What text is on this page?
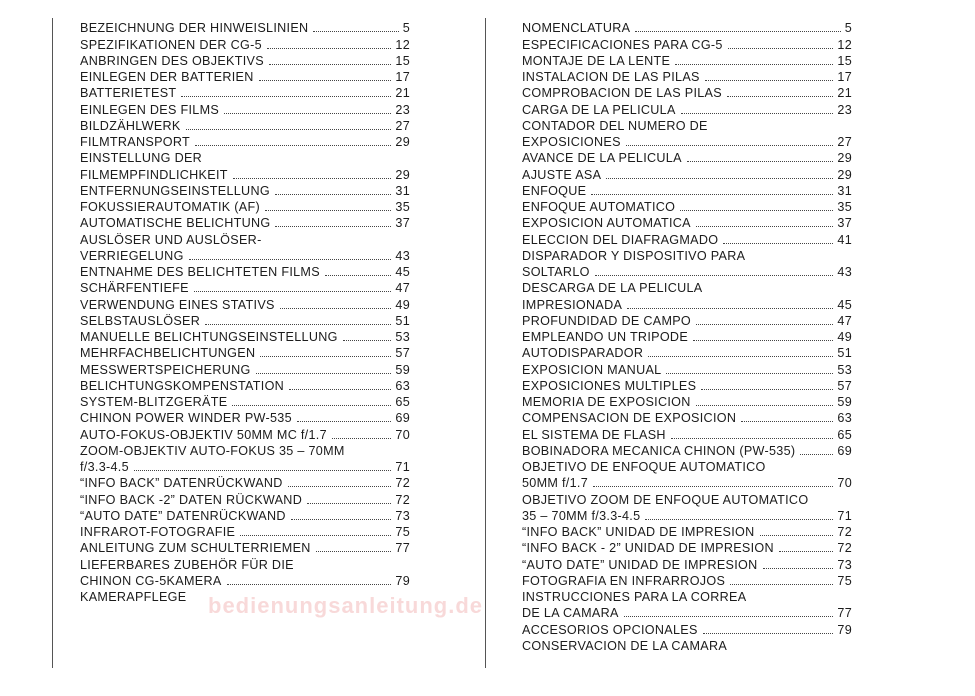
BEZEICHNUNG DER HINWEISLINIEN	5
SPEZIFIKATIONEN DER CG-5	12
ANBRINGEN DES OBJEKTIVS	15
EINLEGEN DER BATTERIEN	17
BATTERIETEST	21
EINLEGEN DES FILMS	23
BILDZÄHLWERK	27
FILMTRANSPORT	29
EINSTELLUNG DER
FILMEMPFINDLICHKEIT	29
ENTFERNUNGSEINSTELLUNG	31
FOKUSSIERAUTOMATIK (AF)	35
AUTOMATISCHE BELICHTUNG	37
AUSLÖSER UND AUSLÖSER-
VERRIEGELUNG	43
ENTNAHME DES BELICHTETEN FILMS	45
SCHÄRFENTIEFE	47
VERWENDUNG EINES STATIVS	49
SELBSTAUSLÖSER	51
MANUELLE BELICHTUNGSEINSTELLUNG	53
MEHRFACHBELICHTUNGEN	57
MESSWERTSPEICHERUNG	59
BELICHTUNGSKOMPENSTATION	63
SYSTEM-BLITZGERÄTE	65
CHINON POWER WINDER PW-535	69
AUTO-FOKUS-OBJEKTIV 50MM MC f/1.7	70
ZOOM-OBJEKTIV AUTO-FOKUS 35 – 70MM
f/3.3-4.5	71
“INFO BACK” DATENRÜCKWAND	72
“INFO BACK -2” DATEN RÜCKWAND	72
“AUTO DATE” DATENRÜCKWAND	73
INFRAROT-FOTOGRAFIE	75
ANLEITUNG ZUM SCHULTERRIEMEN	77
LIEFERBARES ZUBEHÖR FÜR DIE
CHINON CG-5KAMERA	79
KAMERAPFLEGE
NOMENCLATURA	5
ESPECIFICACIONES PARA CG-5	12
MONTAJE DE LA LENTE	15
INSTALACION DE LAS PILAS	17
COMPROBACION DE LAS PILAS	21
CARGA DE LA PELICULA	23
CONTADOR DEL NUMERO DE
EXPOSICIONES	27
AVANCE DE LA PELICULA	29
AJUSTE ASA	29
ENFOQUE	31
ENFOQUE AUTOMATICO	35
EXPOSICION AUTOMATICA	37
ELECCION DEL DIAFRAGMADO	41
DISPARADOR Y DISPOSITIVO PARA
SOLTARLO	43
DESCARGA DE LA PELICULA
IMPRESIONADA	45
PROFUNDIDAD DE CAMPO	47
EMPLEANDO UN TRIPODE	49
AUTODISPARADOR	51
EXPOSICION MANUAL	53
EXPOSICIONES MULTIPLES	57
MEMORIA DE EXPOSICION	59
COMPENSACION DE EXPOSICION	63
EL SISTEMA DE FLASH	65
BOBINADORA MECANICA CHINON (PW-535)	69
OBJETIVO DE ENFOQUE AUTOMATICO
50MM f/1.7	70
OBJETIVO ZOOM DE ENFOQUE AUTOMATICO
35 – 70MM f/3.3-4.5	71
“INFO BACK” UNIDAD DE IMPRESION	72
“INFO BACK - 2” UNIDAD DE IMPRESION	72
“AUTO DATE” UNIDAD DE IMPRESION	73
FOTOGRAFIA EN INFRARROJOS	75
INSTRUCCIONES PARA LA CORREA
DE LA CAMARA	77
ACCESORIOS OPCIONALES	79
CONSERVACION DE LA CAMARA
bedienungsanleitung.de
